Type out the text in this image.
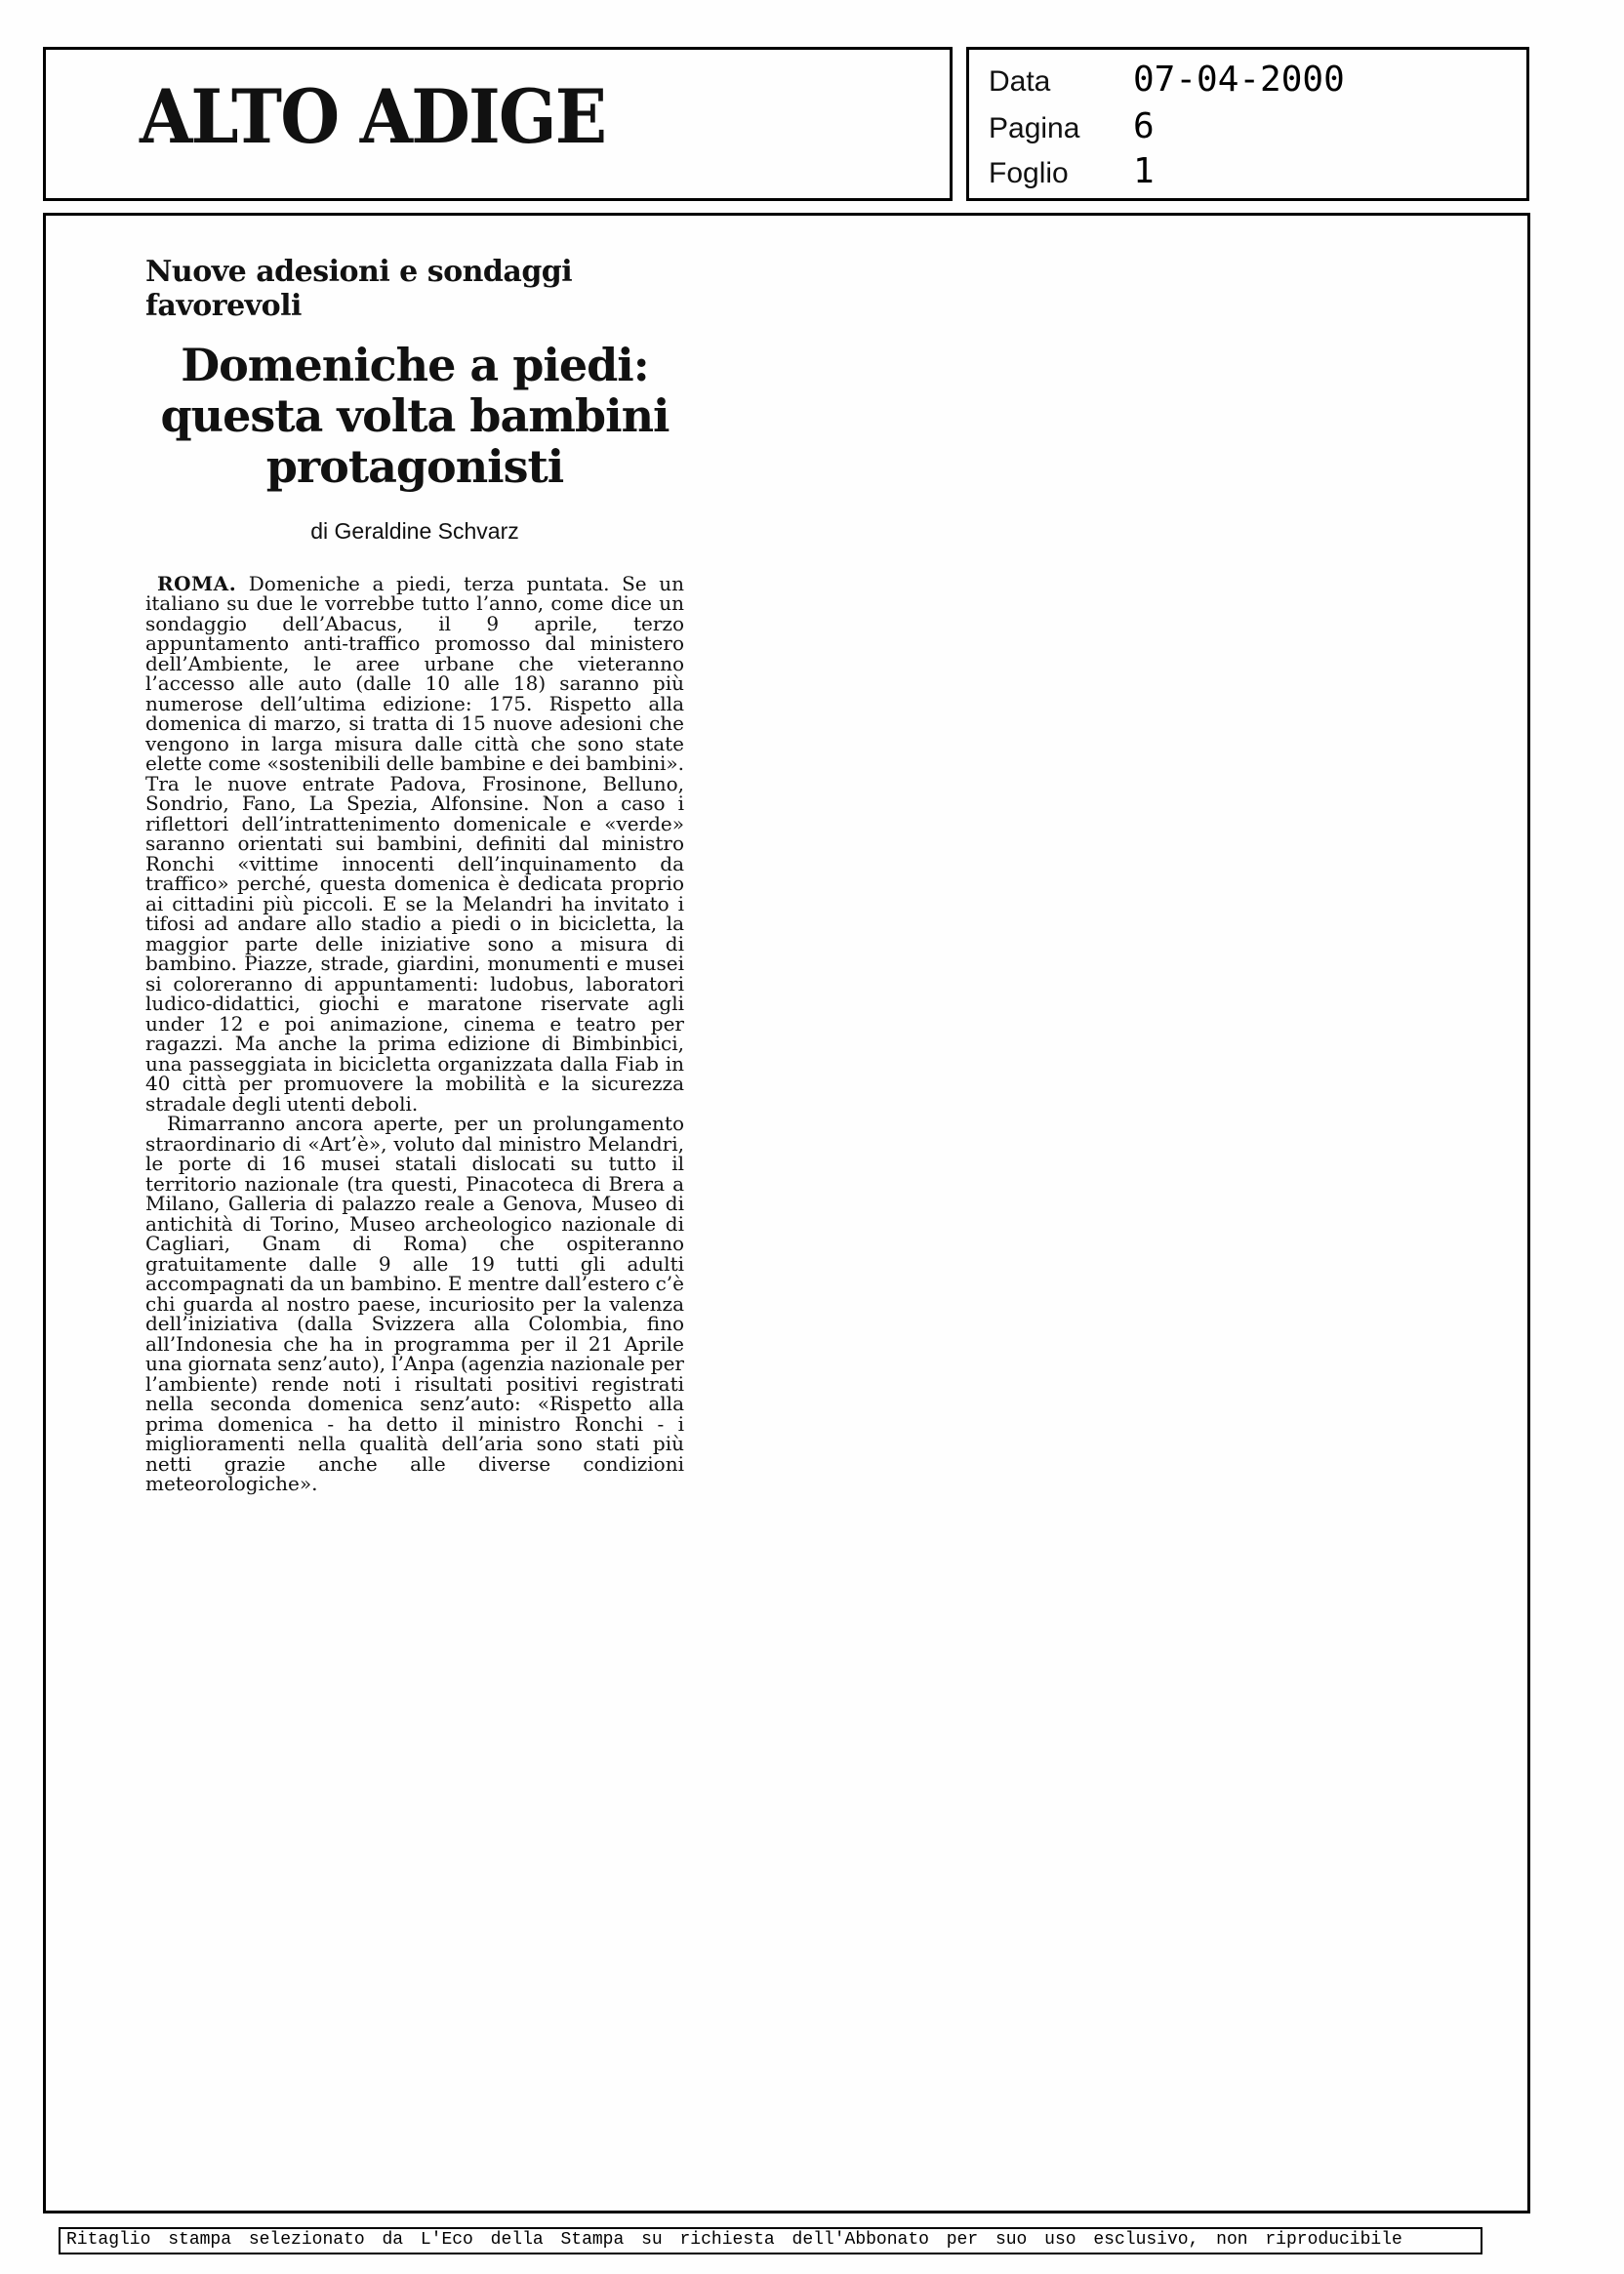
ALTO ADIGE	Data 07-04-2000
Pagina 6
Foglio 1
Nuove adesioni e sondaggi favorevoli
Domeniche a piedi:
questa volta bambini
protagonisti
di Geraldine Schvarz

ROMA. Domeniche a piedi, terza puntata. Se un italiano su due le vorrebbe tutto l’anno, come dice un sondaggio dell’Abacus, il 9 aprile, terzo appuntamento anti-traffico promosso dal ministero dell’Ambiente, le aree urbane che vieteranno l’accesso alle auto (dalle 10 alle 18) saranno più numerose dell’ultima edizione: 175. Rispetto alla domenica di marzo, si tratta di 15 nuove adesioni che vengono in larga misura dalle città che sono state elette come «sostenibili delle bambine e dei bambini». Tra le nuove entrate Padova, Frosinone, Belluno, Sondrio, Fano, La Spezia, Alfonsine. Non a caso i riflettori dell’intrattenimento domenicale e «verde» saranno orientati sui bambini, definiti dal ministro Ronchi «vittime innocenti dell’inquinamento da traffico» perché, questa domenica è dedicata proprio ai cittadini più piccoli. E se la Melandri ha invitato i tifosi ad andare allo stadio a piedi o in bicicletta, la maggior parte delle iniziative sono a misura di bambino. Piazze, strade, giardini, monumenti e musei si coloreranno di appuntamenti: ludobus, laboratori ludico-didattici, giochi e maratone riservate agli under 12 e poi animazione, cinema e teatro per ragazzi. Ma anche la prima edizione di Bimbinbici, una passeggiata in bicicletta organizzata dalla Fiab in 40 città per promuovere la mobilità e la sicurezza stradale degli utenti deboli.

Rimarranno ancora aperte, per un prolungamento straordinario di «Art’è», voluto dal ministro Melandri, le porte di 16 musei statali dislocati su tutto il territorio nazionale (tra questi, Pinacoteca di Brera a Milano, Galleria di palazzo reale a Genova, Museo di antichità di Torino, Museo archeologico nazionale di Cagliari, Gnam di Roma) che ospiteranno gratuitamente dalle 9 alle 19 tutti gli adulti accompagnati da un bambino. E mentre dall’estero c’è chi guarda al nostro paese, incuriosito per la valenza dell’iniziativa (dalla Svizzera alla Colombia, fino all’Indonesia che ha in programma per il 21 Aprile una giornata senz’auto), l’Anpa (agenzia nazionale per l’ambiente) rende noti i risultati positivi registrati nella seconda domenica senz’auto: «Rispetto alla prima domenica - ha detto il ministro Ronchi - i miglioramenti nella qualità dell’aria sono stati più netti grazie anche alle diverse condizioni meteorologiche».

Ritaglio stampa selezionato da L'Eco della Stampa su richiesta dell'Abbonato per suo uso esclusivo, non riproducibile
